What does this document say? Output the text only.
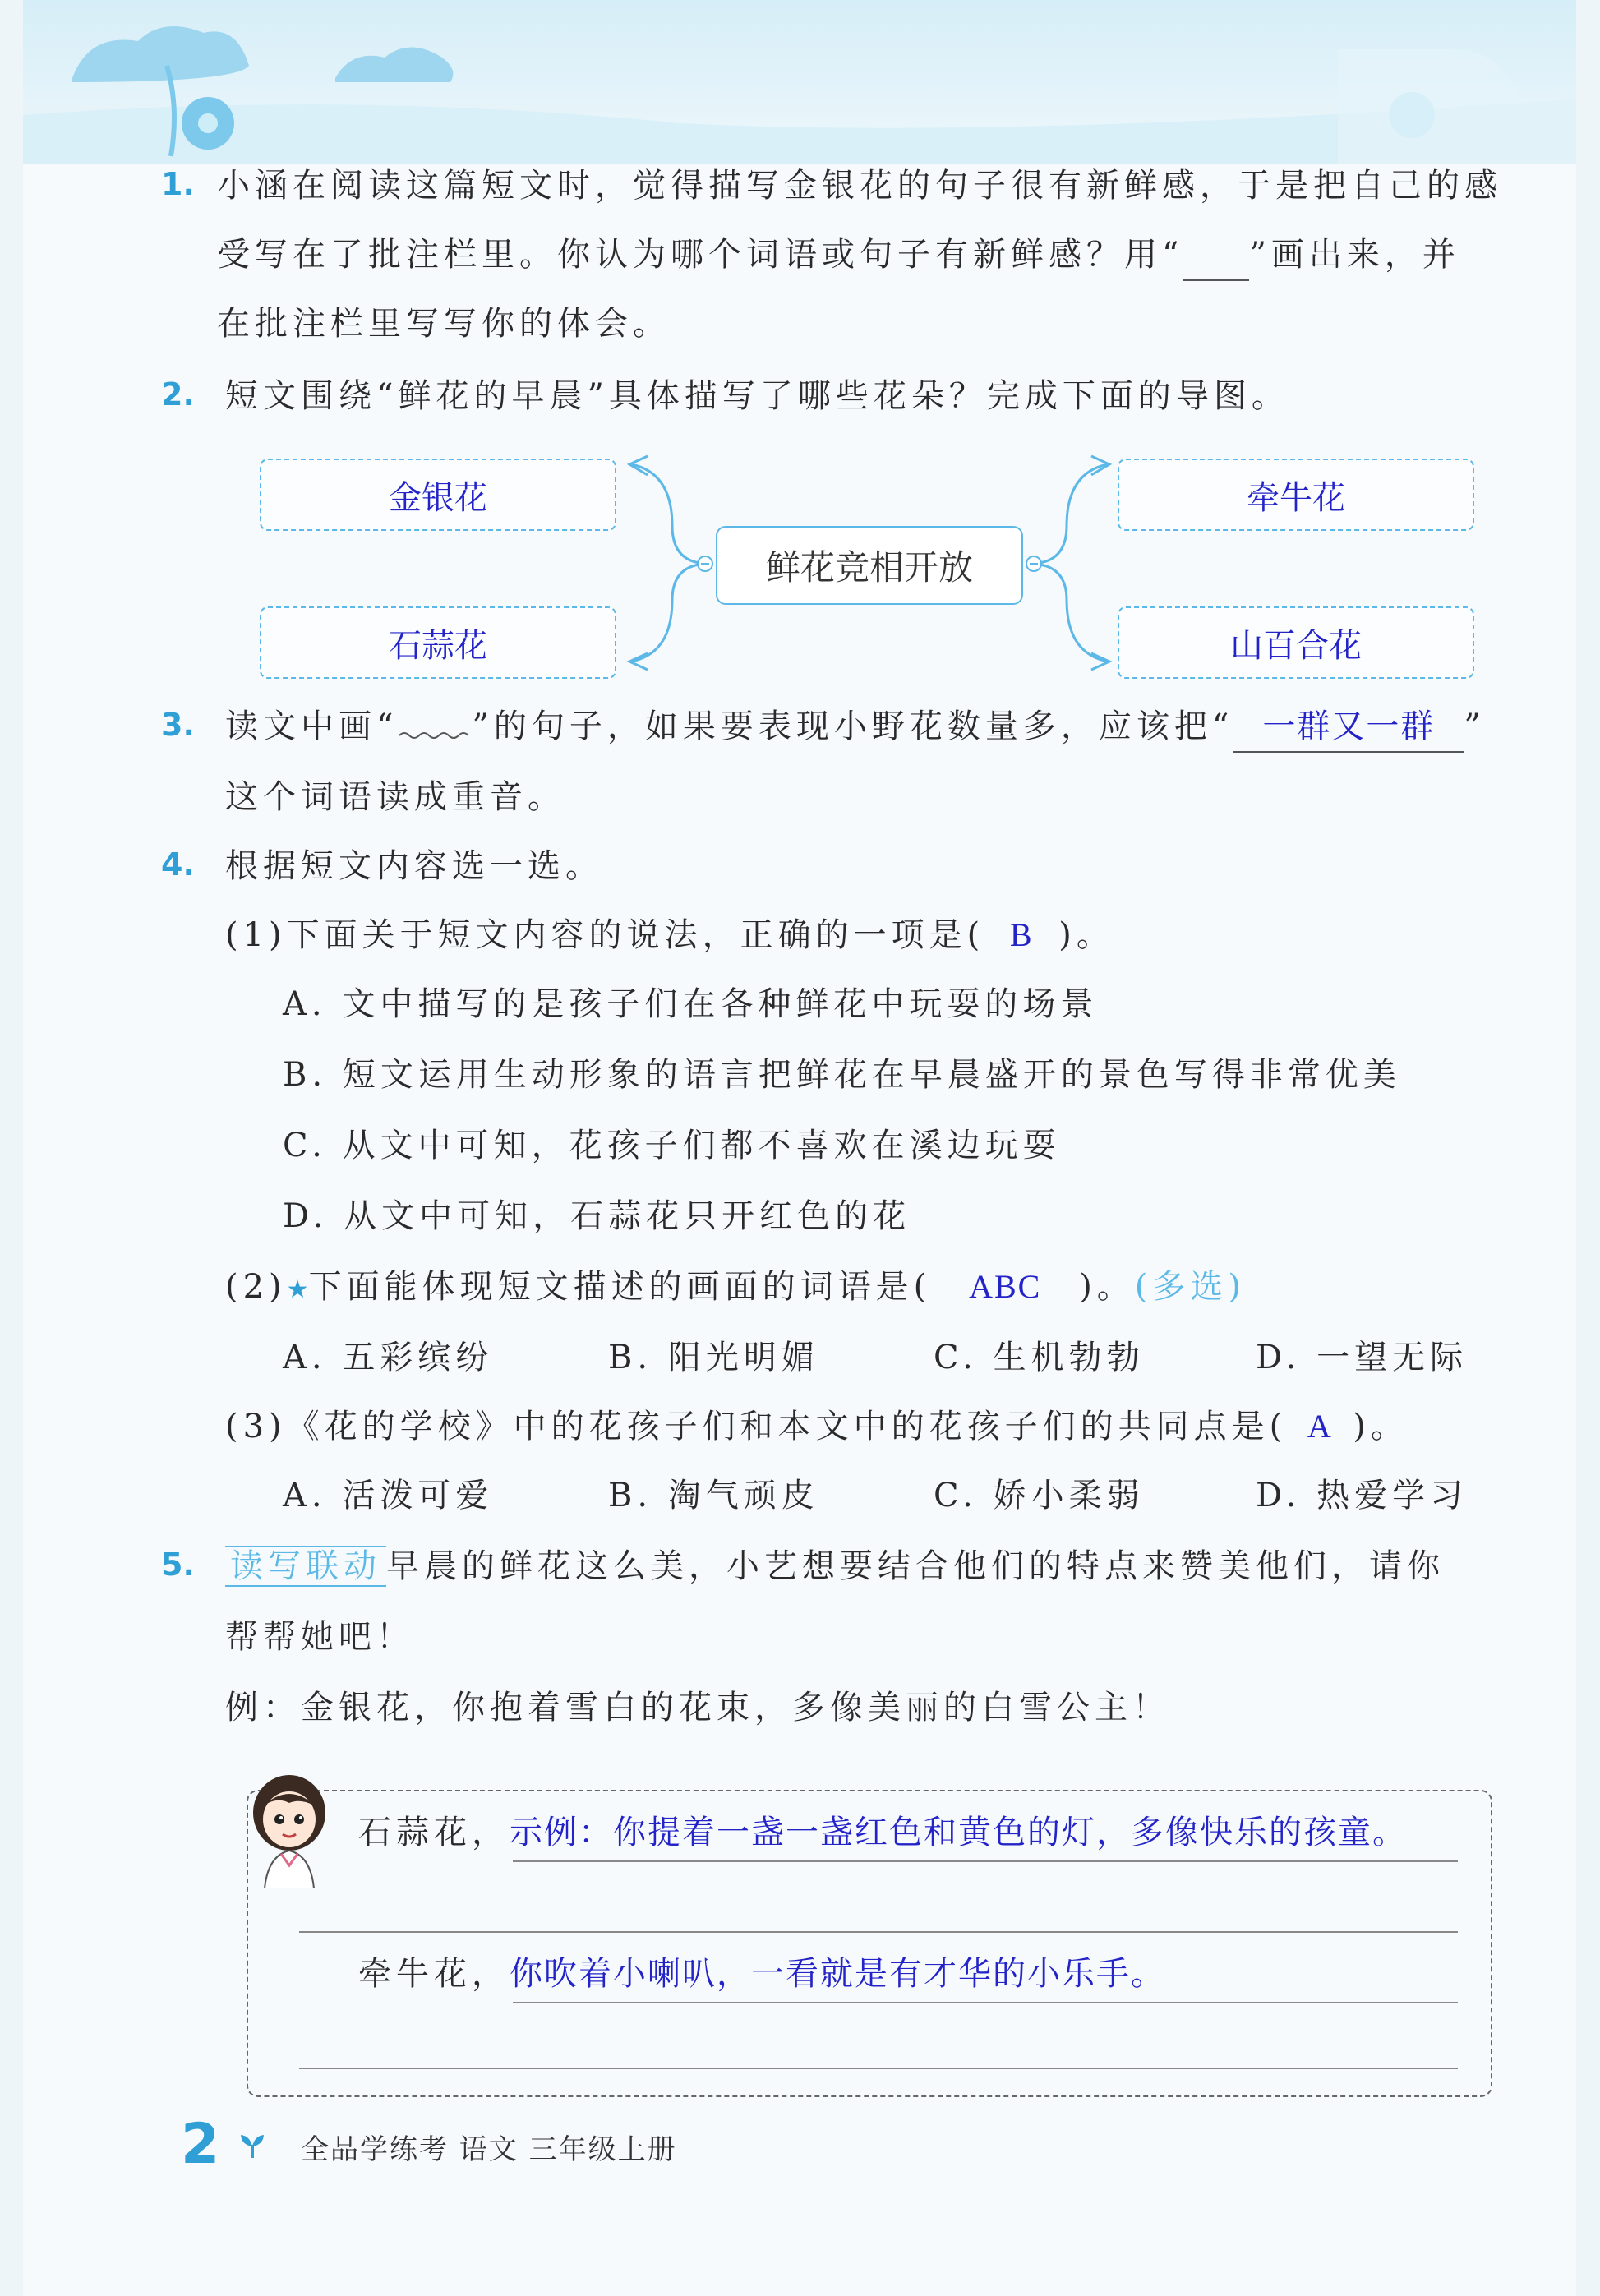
1. 小涵在阅读这篇短文时，觉得描写金银花的句子很有新鲜感，于是把自己的感
受写在了批注栏里。你认为哪个词语或句子有新鲜感？用“ ”画出来，并
在批注栏里写写你的体会。
2. 短文围绕“鲜花的早晨”具体描写了哪些花朵？完成下面的导图。
鲜花竞相开放
金银花
石蒜花
牵牛花
山百合花
3. 读文中画“ ”的句子，如果要表现小野花数量多，应该把“ 一群又一群 ”
这个词语读成重音。
4. 根据短文内容选一选。
(1)下面关于短文内容的说法，正确的一项是( B )。
A. 文中描写的是孩子们在各种鲜花中玩耍的场景
B. 短文运用生动形象的语言把鲜花在早晨盛开的景色写得非常优美
C. 从文中可知，花孩子们都不喜欢在溪边玩耍
D. 从文中可知，石蒜花只开红色的花
(2)★下面能体现短文描述的画面的词语是( ABC )。(多选)
A. 五彩缤纷	B. 阳光明媚	C. 生机勃勃	D. 一望无际
(3)《花的学校》中的花孩子们和本文中的花孩子们的共同点是( A )。
A. 活泼可爱	B. 淘气顽皮	C. 娇小柔弱	D. 热爱学习
5. 读写联动 早晨的鲜花这么美，小艺想要结合他们的特点来赞美他们，请你
帮帮她吧！
例：金银花，你抱着雪白的花束，多像美丽的白雪公主！
石蒜花，示例：你提着一盏一盏红色和黄色的灯，多像快乐的孩童。
牵牛花，你吹着小喇叭，一看就是有才华的小乐手。
2	全品学练考 语文 三年级上册
